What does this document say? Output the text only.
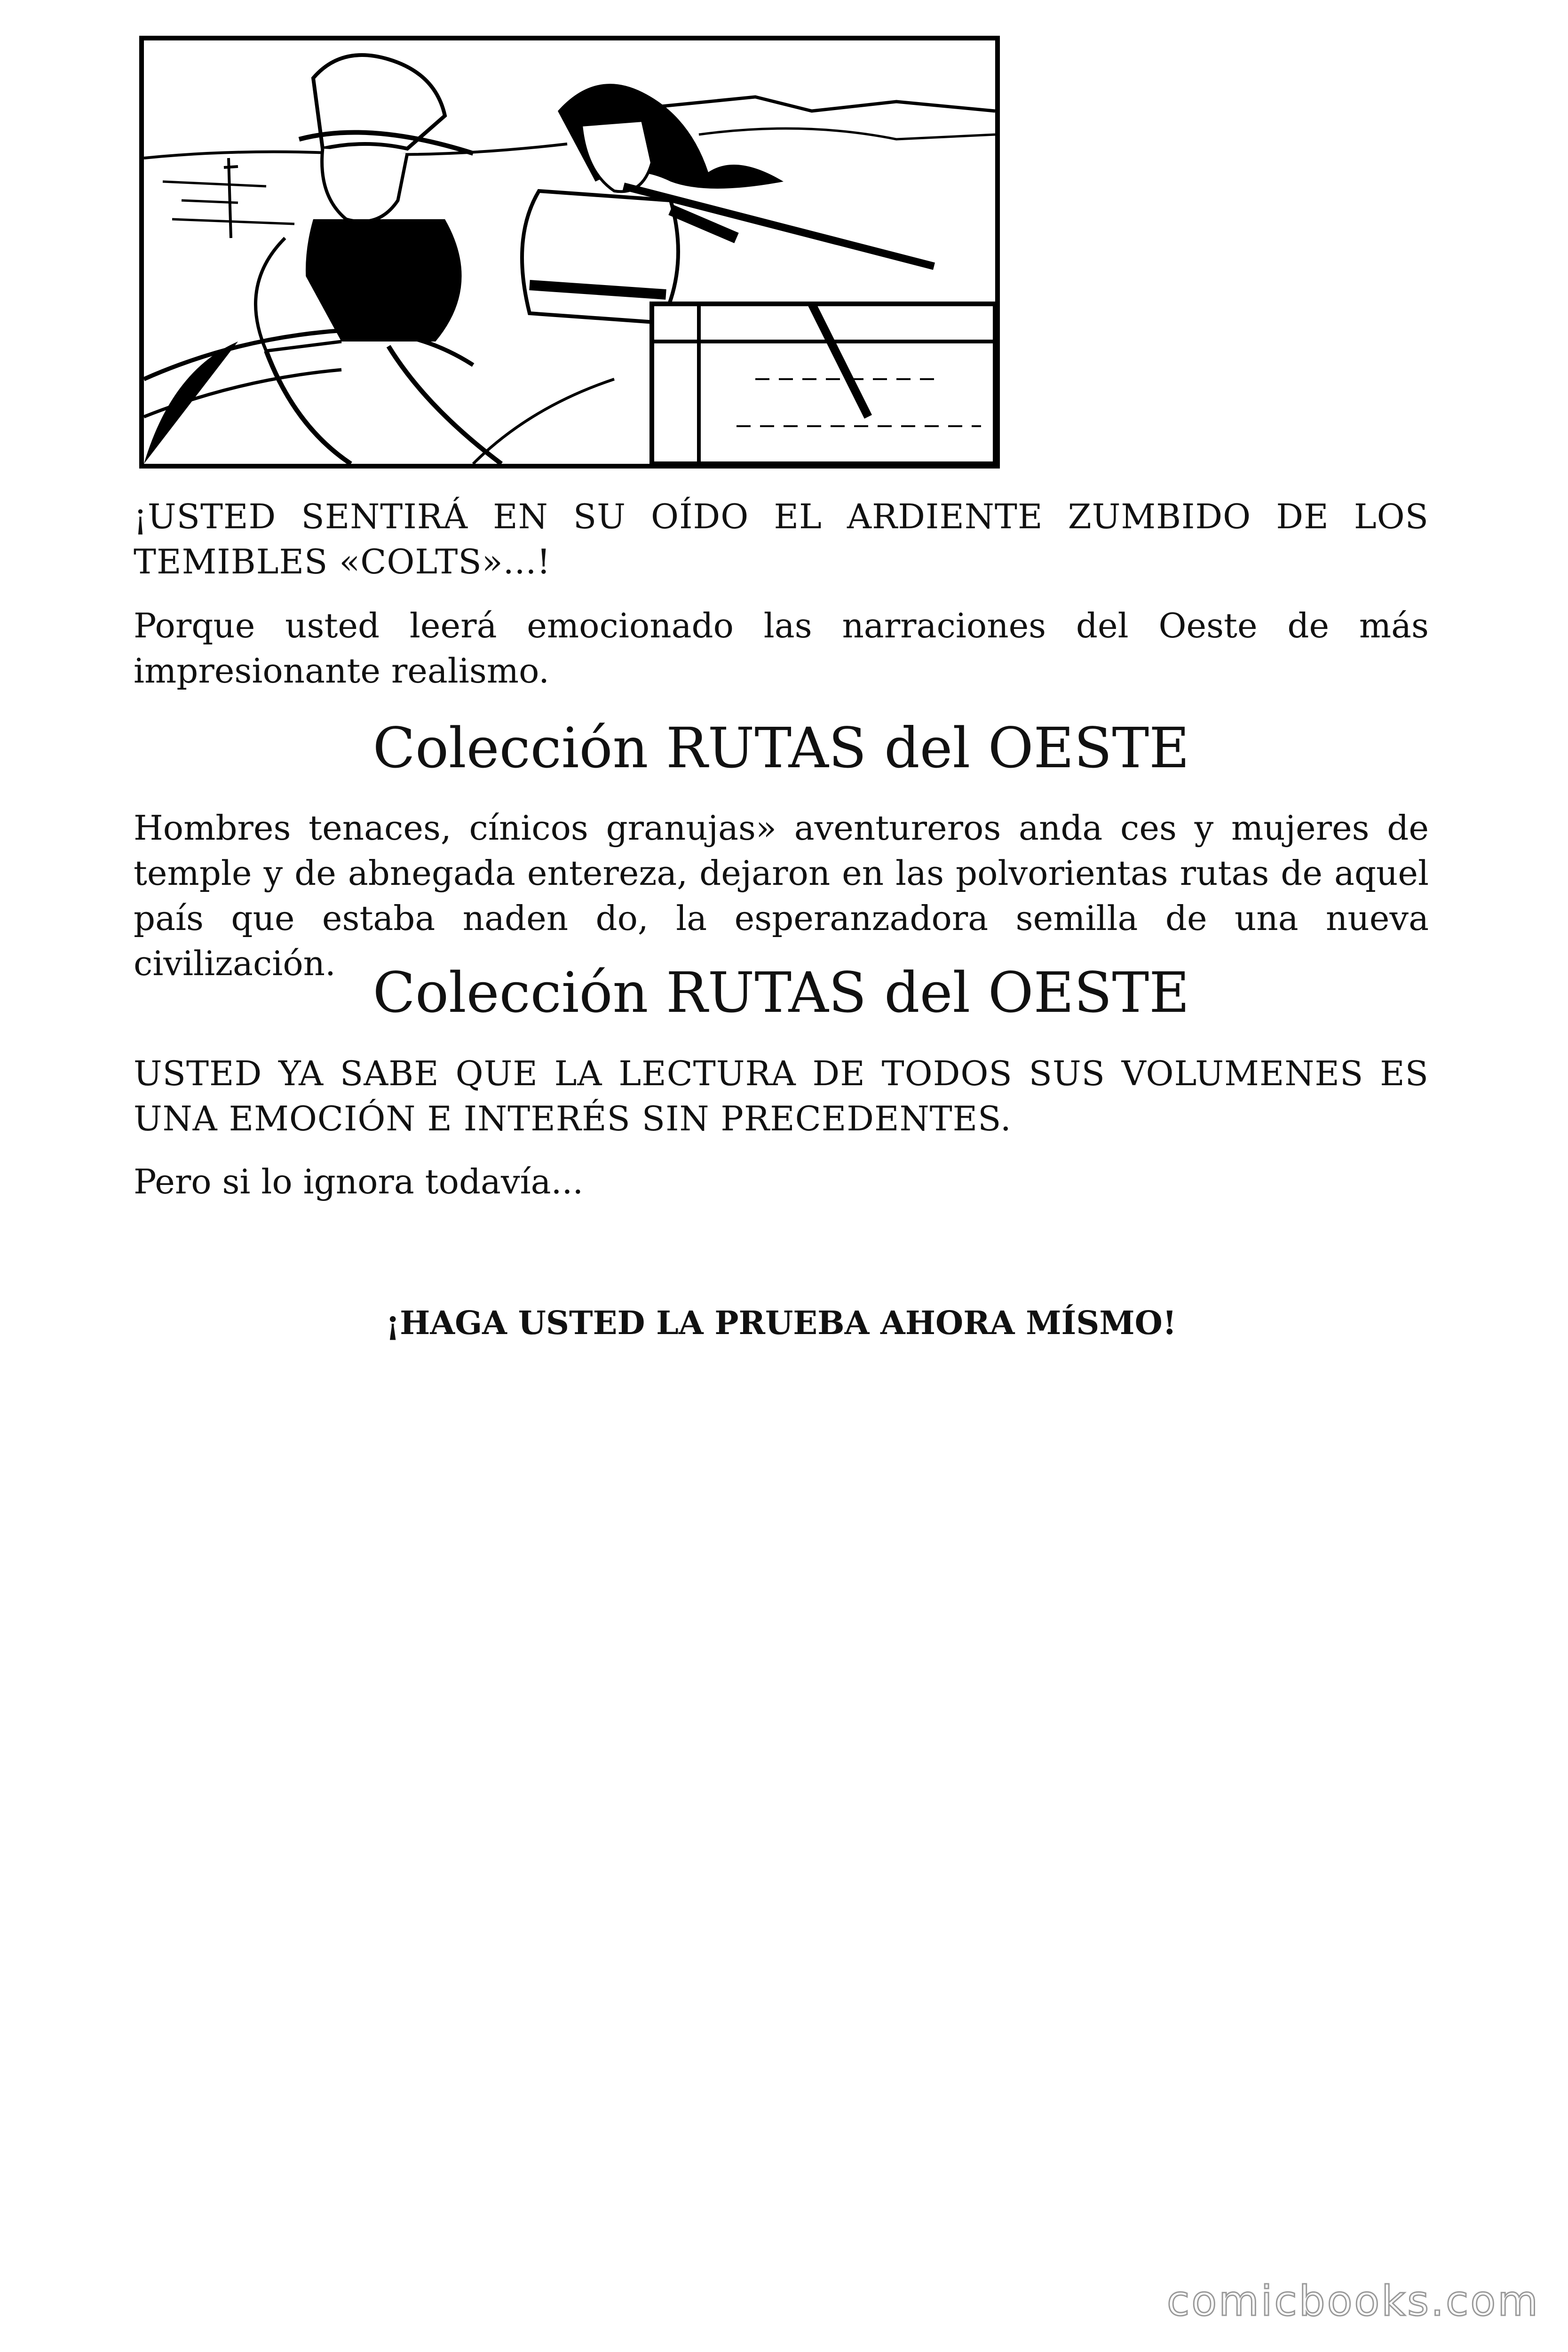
¡USTED SENTIRÁ EN SU OÍDO EL ARDIENTE ZUMBIDO DE LOS TEMIBLES «COLTS»...!

Porque usted leerá emocionado las narraciones del Oeste de más impresionante realismo.

Colección RUTAS del OESTE

Hombres tenaces, cínicos granujas» aventureros anda ces y mujeres de temple y de abnegada entereza, dejaron en las polvorientas rutas de aquel país que estaba naden do, la esperanzadora semilla de una nueva civilización. Colección RUTAS del OESTE

USTED YA SABE QUE LA LECTURA DE TODOS SUS VOLUMENES ES UNA EMOCIÓN E INTERÉS SIN PRECEDENTES.

Pero si lo ignora todavía...

¡HAGA USTED LA PRUEBA AHORA MÍSMO!

comicbooks.com
